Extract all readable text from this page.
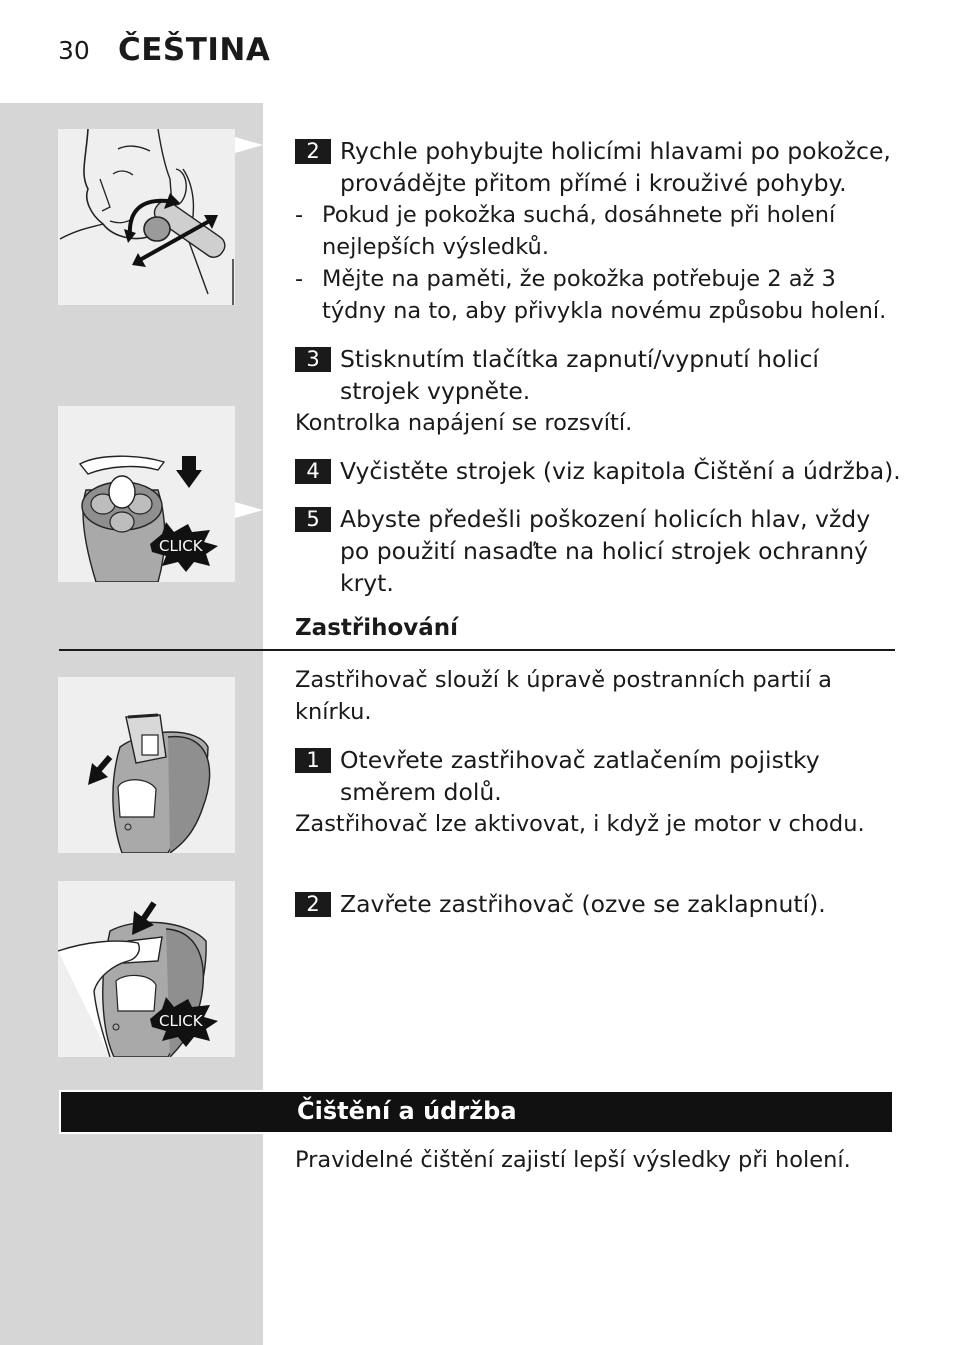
30 ČEŠTINA
CLICK
CLICK
2 Rychle pohybujte holicími hlavami po pokožce, provádějte přitom přímé i krouživé pohyby.
- Pokud je pokožka suchá, dosáhnete při holení nejlepších výsledků.
- Mějte na paměti, že pokožka potřebuje 2 až 3 týdny na to, aby přivykla novému způsobu holení.
3 Stisknutím tlačítka zapnutí/vypnutí holicí strojek vypněte.
Kontrolka napájení se rozsvítí.
4 Vyčistěte strojek (viz kapitola Čištění a údržba).
5 Abyste předešli poškození holicích hlav, vždy po použití nasaďte na holicí strojek ochranný kryt.
Zastřihování
Zastřihovač slouží k úpravě postranních partií a knírku.
1 Otevřete zastřihovač zatlačením pojistky směrem dolů.
Zastřihovač lze aktivovat, i když je motor v chodu.
2 Zavřete zastřihovač (ozve se zaklapnutí).
Čištění a údržba
Pravidelné čištění zajistí lepší výsledky při holení.
